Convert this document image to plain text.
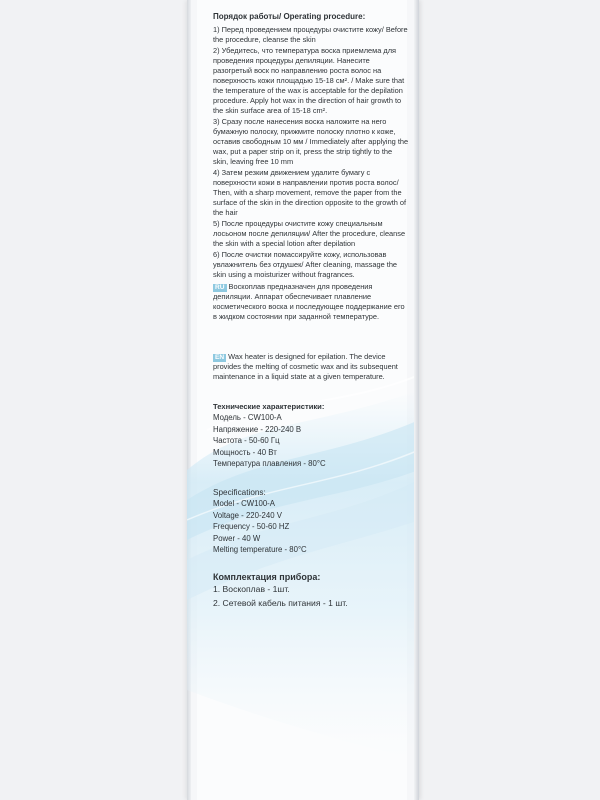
Порядок работы/ Operating procedure:

1) Перед проведением процедуры очистите кожу/ Before the procedure, cleanse the skin

2) Убедитесь, что температура воска приемлема для проведения процедуры депиляции. Нанесите разогретый воск по направлению роста волос на поверхность кожи площадью 15-18 см². / Make sure that the temperature of the wax is acceptable for the depilation procedure. Apply hot wax in the direction of hair growth to the skin surface area of 15-18 cm².

3) Сразу после нанесения воска наложите на него бумажную полоску, прижмите полоску плотно к коже, оставив свободным 10 мм / Immediately after applying the wax, put a paper strip on it, press the strip tightly to the skin, leaving free 10 mm

4) Затем резким движением удалите бумагу с поверхности кожи в направлении против роста волос/ Then, with a sharp movement, remove the paper from the surface of the skin in the direction opposite to the growth of the hair

5) После процедуры очистите кожу специальным лосьоном после депиляции/ After the procedure, cleanse the skin with a special lotion after depilation

6) После очистки помассируйте кожу, использовав увлажнитель без отдушек/ After cleaning, massage the skin using a moisturizer without fragrances.

RU Воскоплав предназначен для проведения депиляции. Аппарат обеспечивает плавление косметического воска и последующее поддержание его в жидком состоянии при заданной температуре.

EN Wax heater is designed for epilation. The device provides the melting of cosmetic wax and its subsequent maintenance in a liquid state at a given temperature.

Технические характеристики:

Модель - CW100-A

Напряжение - 220-240 В

Частота - 50-60 Гц

Мощность - 40 Вт

Температура плавления - 80°C

Specifications:

Model - CW100-A

Voltage - 220-240 V

Frequency - 50-60 HZ

Power - 40 W

Melting temperature - 80°C

Комплектация прибора:

1. Воскоплав - 1шт.

2. Сетевой кабель питания - 1 шт.
